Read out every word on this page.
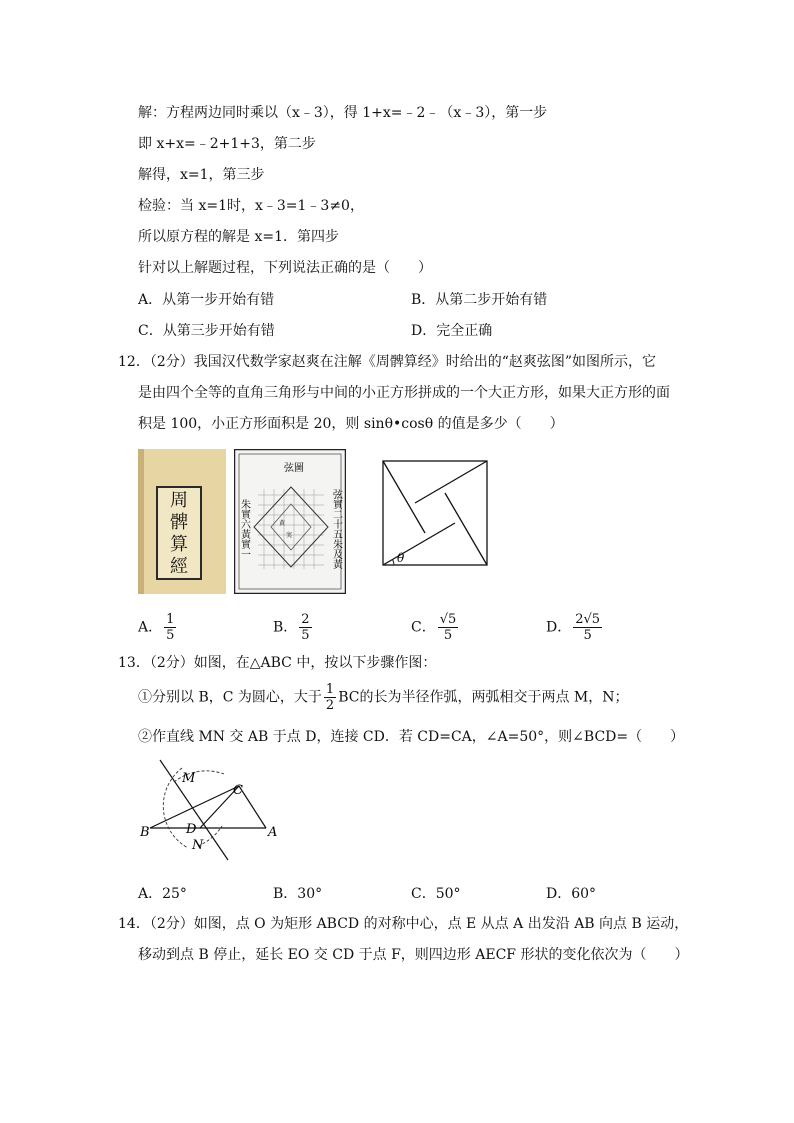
解：方程两边同时乘以（x﹣3），得 1+x=﹣2﹣（x﹣3），第一步
即 x+x=﹣2+1+3，第二步
解得，x=1，第三步
检验：当 x=1时，x﹣3=1﹣3≠0，
所以原方程的解是 x=1．第四步
针对以上解题过程，下列说法正确的是（　　）
A．从第一步开始有错	B．从第二步开始有错
C．从第三步开始有错	D．完全正确
12．（2分）我国汉代数学家赵爽在注解《周髀算经》时给出的“赵爽弦图”如图所示，它
是由四个全等的直角三角形与中间的小正方形拼成的一个大正方形，如果大正方形的面
积是 100，小正方形面积是 20，则 sinθ•cosθ 的值是多少（　　）
周髀算經
弦圖
朱實六黃實一	弦實二十五朱及黃
黄
実
θ
A． $\frac{1}{5}$	B． $\frac{2}{5}$	C． $\frac{√5}{5}$	D． $\frac{2√5}{5}$
13．（2分）如图，在△ABC 中，按以下步骤作图：
①分别以 B，C 为圆心，大于 $\frac{1}{2}$ BC的长为半径作弧，两弧相交于两点 M，N；
②作直线 MN 交 AB 于点 D，连接 CD．若 CD=CA，∠A=50°，则∠BCD=（　　）
M
C
B	D	A
N
A．25°	B．30°	C．50°	D．60°
14．（2分）如图，点 O 为矩形 ABCD 的对称中心，点 E 从点 A 出发沿 AB 向点 B 运动，
移动到点 B 停止，延长 EO 交 CD 于点 F，则四边形 AECF 形状的变化依次为（　　）
